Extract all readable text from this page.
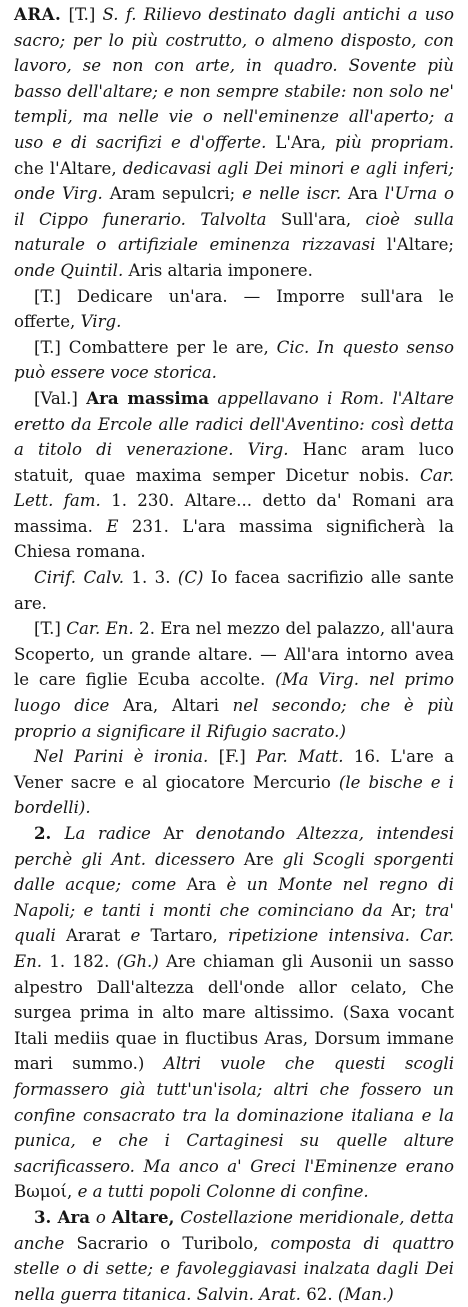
ARA. [T.] S. f. Rilievo destinato dagli antichi a uso sacro; per lo più costrutto, o almeno disposto, con lavoro, se non con arte, in quadro. Sovente più basso dell'altare; e non sempre stabile: non solo ne' templi, ma nelle vie o nell'eminenze all'aperto; a uso e di sacrifizi e d'offerte. L'Ara, più propriam. che l'Altare, dedicavasi agli Dei minori e agli inferi; onde Virg. Aram sepulcri; e nelle iscr. Ara l'Urna o il Cippo funerario. Talvolta Sull'ara, cioè sulla naturale o artifiziale eminenza rizzavasi l'Altare; onde Quintil. Aris altaria imponere.

[T.] Dedicare un'ara. — Imporre sull'ara le offerte, Virg.

[T.] Combattere per le are, Cic. In questo senso può essere voce storica.

[Val.] Ara massima appellavano i Rom. l'Altare eretto da Ercole alle radici dell'Aventino: così detta a titolo di venerazione. Virg. Hanc aram luco statuit, quae maxima semper Dicetur nobis. Car. Lett. fam. 1. 230. Altare... detto da' Romani ara massima. E 231. L'ara massima significherà la Chiesa romana.

Cirif. Calv. 1. 3. (C) Io facea sacrifizio alle sante are.

[T.] Car. En. 2. Era nel mezzo del palazzo, all'aura Scoperto, un grande altare. — All'ara intorno avea le care figlie Ecuba accolte. (Ma Virg. nel primo luogo dice Ara, Altari nel secondo; che è più proprio a significare il Rifugio sacrato.)

Nel Parini è ironia. [F.] Par. Matt. 16. L'are a Vener sacre e al giocatore Mercurio (le bische e i bordelli).

2. La radice Ar denotando Altezza, intendesi perchè gli Ant. dicessero Are gli Scogli sporgenti dalle acque; come Ara è un Monte nel regno di Napoli; e tanti i monti che cominciano da Ar; tra' quali Ararat e Tartaro, ripetizione intensiva. Car. En. 1. 182. (Gh.) Are chiaman gli Ausonii un sasso alpestro Dall'altezza dell'onde allor celato, Che surgea prima in alto mare altissimo. (Saxa vocant Itali mediis quae in fluctibus Aras, Dorsum immane mari summo.) Altri vuole che questi scogli formassero già tutt'un'isola; altri che fossero un confine consacrato tra la dominazione italiana e la punica, e che i Cartaginesi su quelle alture sacrificassero. Ma anco a' Greci l'Eminenze erano Βωμοί, e a tutti popoli Colonne di confine.

3. Ara o Altare, Costellazione meridionale, detta anche Sacrario o Turibolo, composta di quattro stelle o di sette; e favoleggiavasi inalzata dagli Dei nella guerra titanica. Salvin. Arat. 62. (Man.)
